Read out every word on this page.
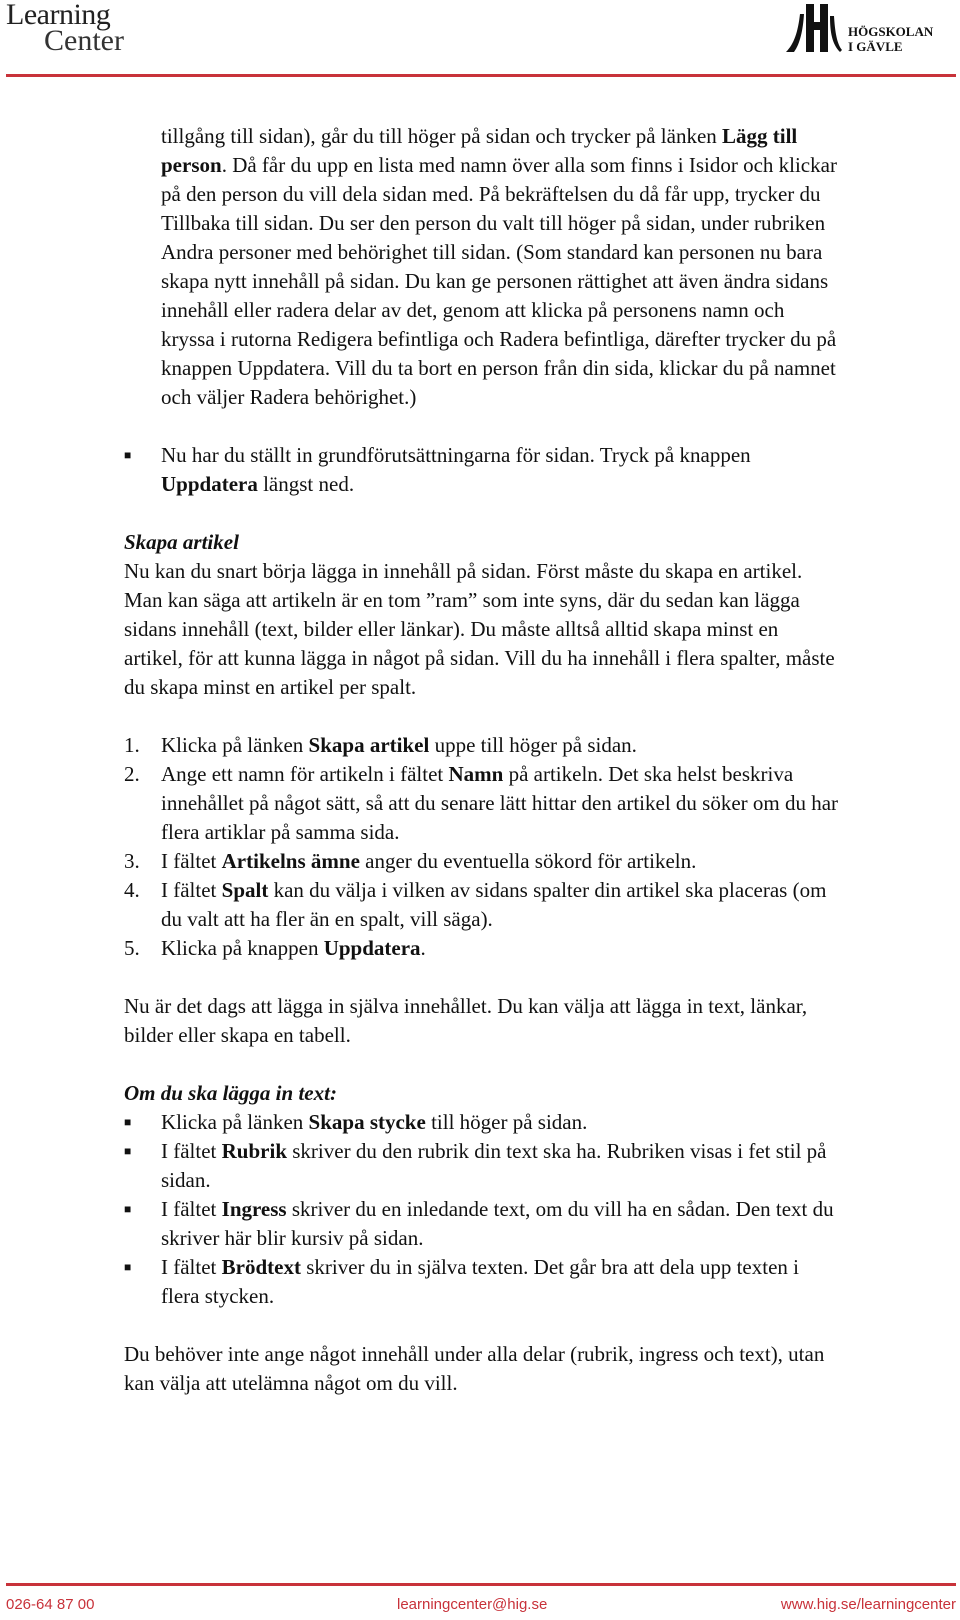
Learning
Center	HÖGSKOLAN
I GÄVLE

tillgång till sidan), går du till höger på sidan och trycker på länken Lägg till person. Då får du upp en lista med namn över alla som finns i Isidor och klickar på den person du vill dela sidan med. På bekräftelsen du då får upp, trycker du Tillbaka till sidan. Du ser den person du valt till höger på sidan, under rubriken Andra personer med behörighet till sidan. (Som standard kan personen nu bara skapa nytt innehåll på sidan. Du kan ge personen rättighet att även ändra sidans innehåll eller radera delar av det, genom att klicka på personens namn och kryssa i rutorna Redigera befintliga och Radera befintliga, därefter trycker du på knappen Uppdatera. Vill du ta bort en person från din sida, klickar du på namnet och väljer Radera behörighet.)

■ Nu har du ställt in grundförutsättningarna för sidan. Tryck på knappen Uppdatera längst ned.

Skapa artikel

Nu kan du snart börja lägga in innehåll på sidan. Först måste du skapa en artikel. Man kan säga att artikeln är en tom ”ram” som inte syns, där du sedan kan lägga sidans innehåll (text, bilder eller länkar). Du måste alltså alltid skapa minst en artikel, för att kunna lägga in något på sidan. Vill du ha innehåll i flera spalter, måste du skapa minst en artikel per spalt.

1. Klicka på länken Skapa artikel uppe till höger på sidan.
2. Ange ett namn för artikeln i fältet Namn på artikeln. Det ska helst beskriva innehållet på något sätt, så att du senare lätt hittar den artikel du söker om du har flera artiklar på samma sida.
3. I fältet Artikelns ämne anger du eventuella sökord för artikeln.
4. I fältet Spalt kan du välja i vilken av sidans spalter din artikel ska placeras (om du valt att ha fler än en spalt, vill säga).
5. Klicka på knappen Uppdatera.

Nu är det dags att lägga in själva innehållet. Du kan välja att lägga in text, länkar, bilder eller skapa en tabell.

Om du ska lägga in text:

■ Klicka på länken Skapa stycke till höger på sidan.
■ I fältet Rubrik skriver du den rubrik din text ska ha. Rubriken visas i fet stil på sidan.
■ I fältet Ingress skriver du en inledande text, om du vill ha en sådan. Den text du skriver här blir kursiv på sidan.
■ I fältet Brödtext skriver du in själva texten. Det går bra att dela upp texten i flera stycken.

Du behöver inte ange något innehåll under alla delar (rubrik, ingress och text), utan kan välja att utelämna något om du vill.

026-64 87 00	learningcenter@hig.se	www.hig.se/learningcenter
